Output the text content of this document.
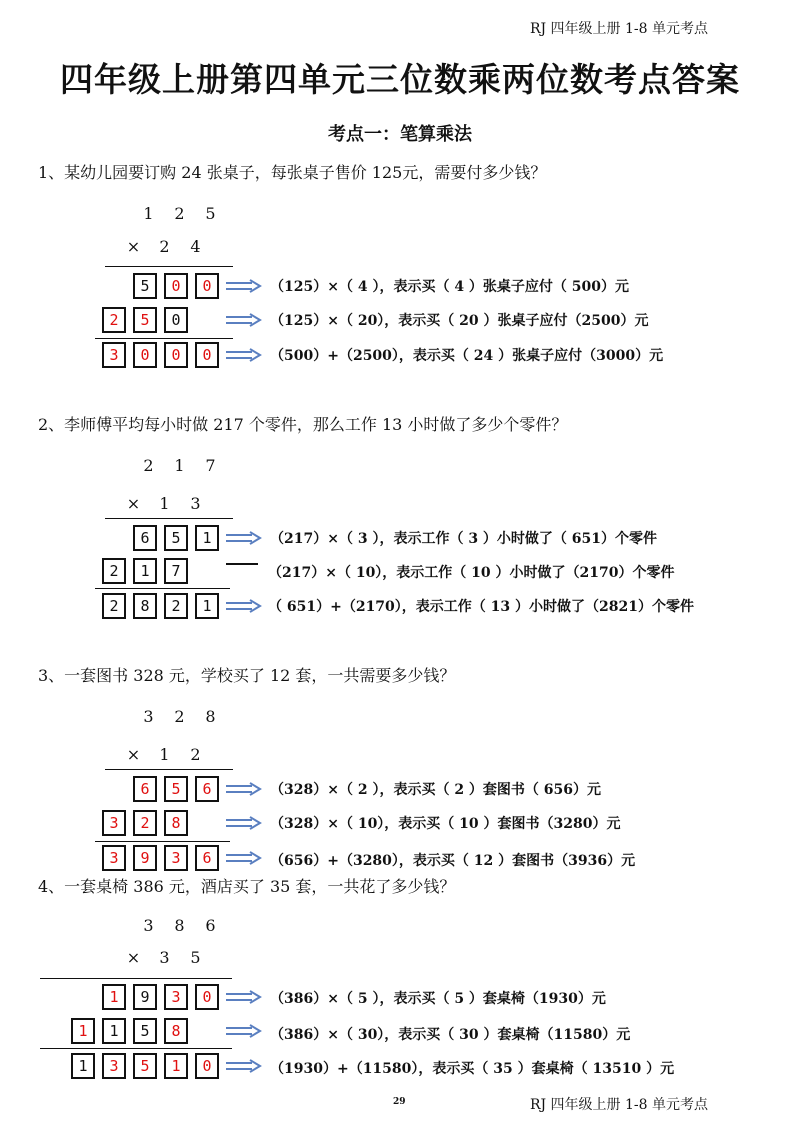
RJ 四年级上册 1-8 单元考点
四年级上册第四单元三位数乘两位数考点答案
考点一：笔算乘法
1、某幼儿园要订购 24 张桌子，每张桌子售价 125元，需要付多少钱？
1 2 5
× 2 4
5	0	0	（125）×（ 4 ），表示买（ 4 ）张桌子应付（ 500）元
2	5	0	（125）×（ 20），表示买（ 20 ）张桌子应付（2500）元
3	0	0	0	（500）+（2500），表示买（ 24 ）张桌子应付（3000）元
2、李师傅平均每小时做 217 个零件，那么工作 13 小时做了多少个零件？
2 1 7
× 1 3
6	5	1	（217）×（ 3 ），表示工作（ 3 ）小时做了（ 651）个零件
2	1	7	（217）×（ 10），表示工作（ 10 ）小时做了（2170）个零件
2	8	2	1	（ 651）+（2170），表示工作（ 13 ）小时做了（2821）个零件
3、一套图书 328 元，学校买了 12 套，一共需要多少钱？
3 2 8
× 1 2
6	5	6	（328）×（ 2 ），表示买（ 2 ）套图书（ 656）元
3	2	8	（328）×（ 10），表示买（ 10 ）套图书（3280）元
3	9	3	6	（656）+（3280），表示买（ 12 ）套图书（3936）元
4、一套桌椅 386 元，酒店买了 35 套，一共花了多少钱？
3 8 6
× 3 5
1	9	3	0	（386）×（ 5 ），表示买（ 5 ）套桌椅（1930）元
1	1	5	8	（386）×（ 30），表示买（ 30 ）套桌椅（11580）元
1	3	5	1	0	（1930）+（11580），表示买（ 35 ）套桌椅（ 13510 ）元
29	RJ 四年级上册 1-8 单元考点
